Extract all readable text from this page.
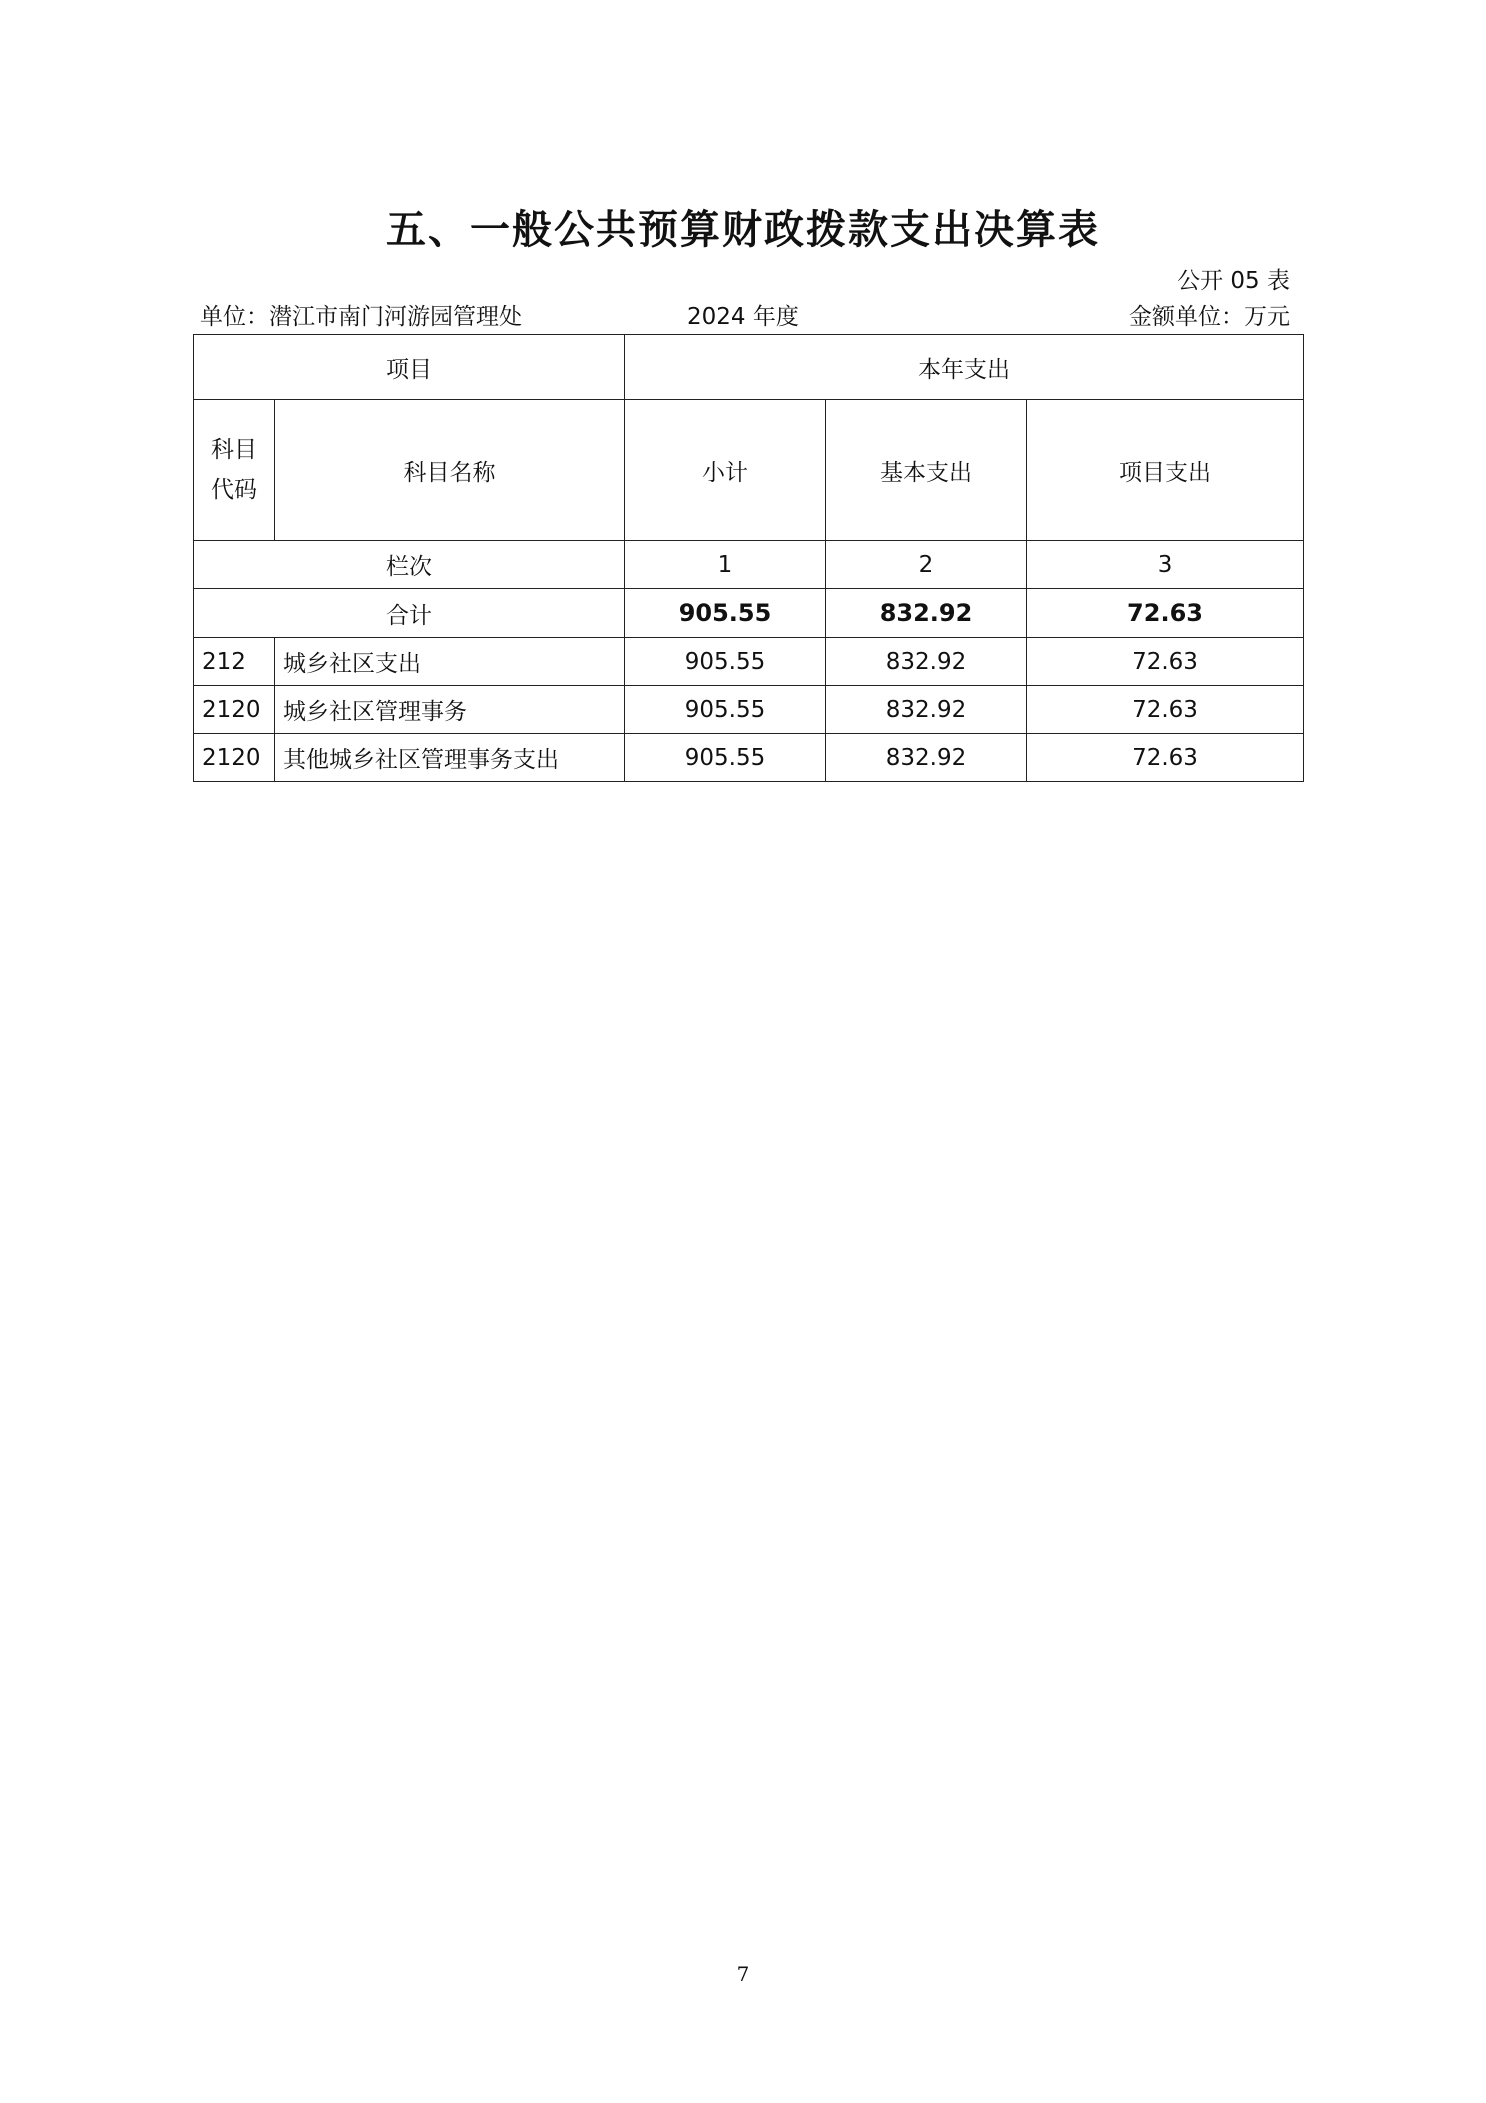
五、一般公共预算财政拨款支出决算表
公开 05 表
单位：潜江市南门河游园管理处	2024 年度	金额单位：万元
项目		本年支出		
科目代码	科目名称	小计	基本支出	项目支出
栏次		1	2	3
合计		905.55	832.92	72.63
212	城乡社区支出	905.55	832.92	72.63
2120	城乡社区管理事务	905.55	832.92	72.63
2120	其他城乡社区管理事务支出	905.55	832.92	72.63
7
